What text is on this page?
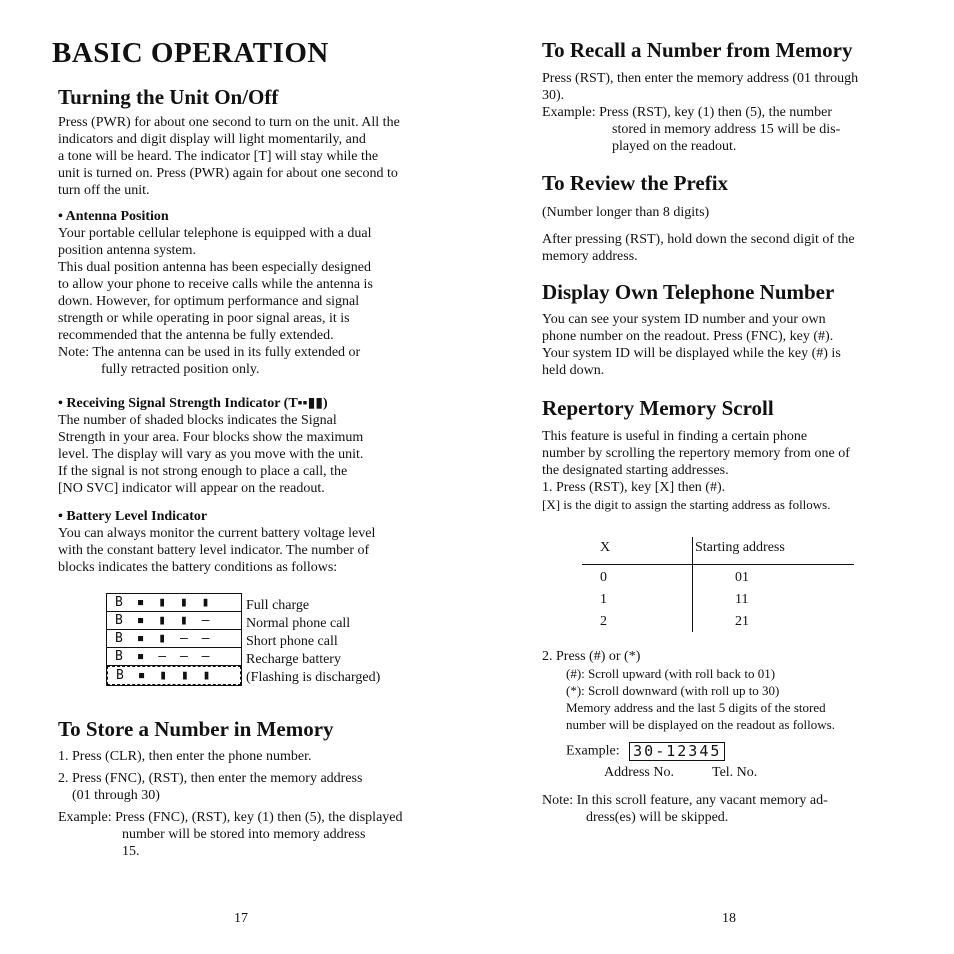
BASIC OPERATION
Turning the Unit On/Off

Press (PWR) for about one second to turn on the unit. All the

indicators and digit display will light momentarily, and

a tone will be heard. The indicator [T] will stay while the

unit is turned on. Press (PWR) again for about one second to

turn off the unit.

• Antenna Position

Your portable cellular telephone is equipped with a dual

position antenna system.

This dual position antenna has been especially designed

to allow your phone to receive calls while the antenna is

down. However, for optimum performance and signal

strength or while operating in poor signal areas, it is

recommended that the antenna be fully extended.

Note: The antenna can be used in its fully extended or

fully retracted position only.

• Receiving Signal Strength Indicator (T▪▪▮▮)

The number of shaded blocks indicates the Signal

Strength in your area. Four blocks show the maximum

level. The display will vary as you move with the unit.

If the signal is not strong enough to place a call, the

[NO SVC] indicator will appear on the readout.

• Battery Level Indicator

You can always monitor the current battery voltage level

with the constant battery level indicator. The number of

blocks indicates the battery conditions as follows:

B ▪ ▮ ▮ ▮
B ▪ ▮ ▮ –
B ▪ ▮ – –
B ▪ – – –
B ▪ ▮ ▮ ▮

Full charge

Normal phone call

Short phone call

Recharge battery

(Flashing is discharged)

To Store a Number in Memory

1. Press (CLR), then enter the phone number.

2. Press (FNC), (RST), then enter the memory address

(01 through 30)

Example: Press (FNC), (RST), key (1) then (5), the displayed

number will be stored into memory address

15.

17
To Recall a Number from Memory

Press (RST), then enter the memory address (01 through

30).

Example: Press (RST), key (1) then (5), the number

stored in memory address 15 will be dis-

played on the readout.

To Review the Prefix

(Number longer than 8 digits)

After pressing (RST), hold down the second digit of the

memory address.

Display Own Telephone Number

You can see your system ID number and your own

phone number on the readout. Press (FNC), key (#).

Your system ID will be displayed while the key (#) is

held down.

Repertory Memory Scroll

This feature is useful in finding a certain phone

number by scrolling the repertory memory from one of

the designated starting addresses.

1. Press (RST), key [X] then (#).

[X] is the digit to assign the starting address as follows.

X	Starting address
0
1
2
01
11
21

2. Press (#) or (*)

(#): Scroll upward (with roll back to 01)

(*): Scroll downward (with roll up to 30)

Memory address and the last 5 digits of the stored

number will be displayed on the readout as follows.

Example: 30-12345
Address No.	Tel. No.

Note: In this scroll feature, any vacant memory ad-

dress(es) will be skipped.

18
